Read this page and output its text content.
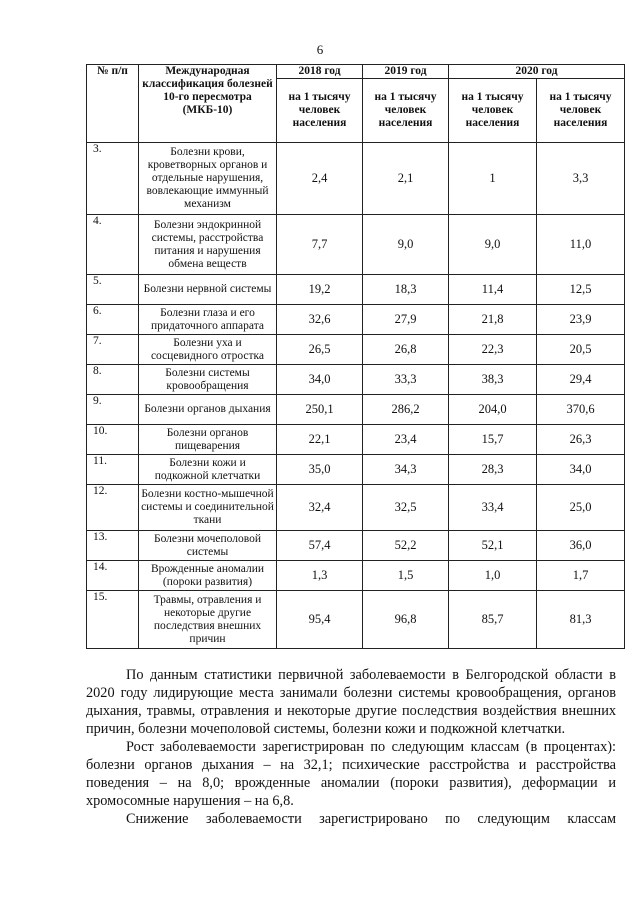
6
№ п/п	Международная классификация болезней 10-го пересмотра (МКБ-10)	2018 год	2019 год	2020 год	
		на 1 тысячу человек населения	на 1 тысячу человек населения	на 1 тысячу человек населения	на 1 тысячу человек населения
3.	Болезни крови, кроветворных органов и отдельные нарушения, вовлекающие иммунный механизм	2,4	2,1	1	3,3
4.	Болезни эндокринной системы, расстройства питания и нарушения обмена веществ	7,7	9,0	9,0	11,0
5.	Болезни нервной системы	19,2	18,3	11,4	12,5
6.	Болезни глаза и его придаточного аппарата	32,6	27,9	21,8	23,9
7.	Болезни уха и сосцевидного отростка	26,5	26,8	22,3	20,5
8.	Болезни системы кровообращения	34,0	33,3	38,3	29,4
9.	Болезни органов дыхания	250,1	286,2	204,0	370,6
10.	Болезни органов пищеварения	22,1	23,4	15,7	26,3
11.	Болезни кожи и подкожной клетчатки	35,0	34,3	28,3	34,0
12.	Болезни костно-мышечной системы и соединительной ткани	32,4	32,5	33,4	25,0
13.	Болезни мочеполовой системы	57,4	52,2	52,1	36,0
14.	Врожденные аномалии (пороки развития)	1,3	1,5	1,0	1,7
15.	Травмы, отравления и некоторые другие последствия внешних причин	95,4	96,8	85,7	81,3

По данным статистики первичной заболеваемости в Белгородской области в 2020 году лидирующие места занимали болезни системы кровообращения, органов дыхания, травмы, отравления и некоторые другие последствия воздействия внешних причин, болезни мочеполовой системы, болезни кожи и подкожной клетчатки.

Рост заболеваемости зарегистрирован по следующим классам (в процентах): болезни органов дыхания – на 32,1; психические расстройства и расстройства поведения – на 8,0; врожденные аномалии (пороки развития), деформации и хромосомные нарушения – на 6,8.

Снижение заболеваемости зарегистрировано по следующим классам
